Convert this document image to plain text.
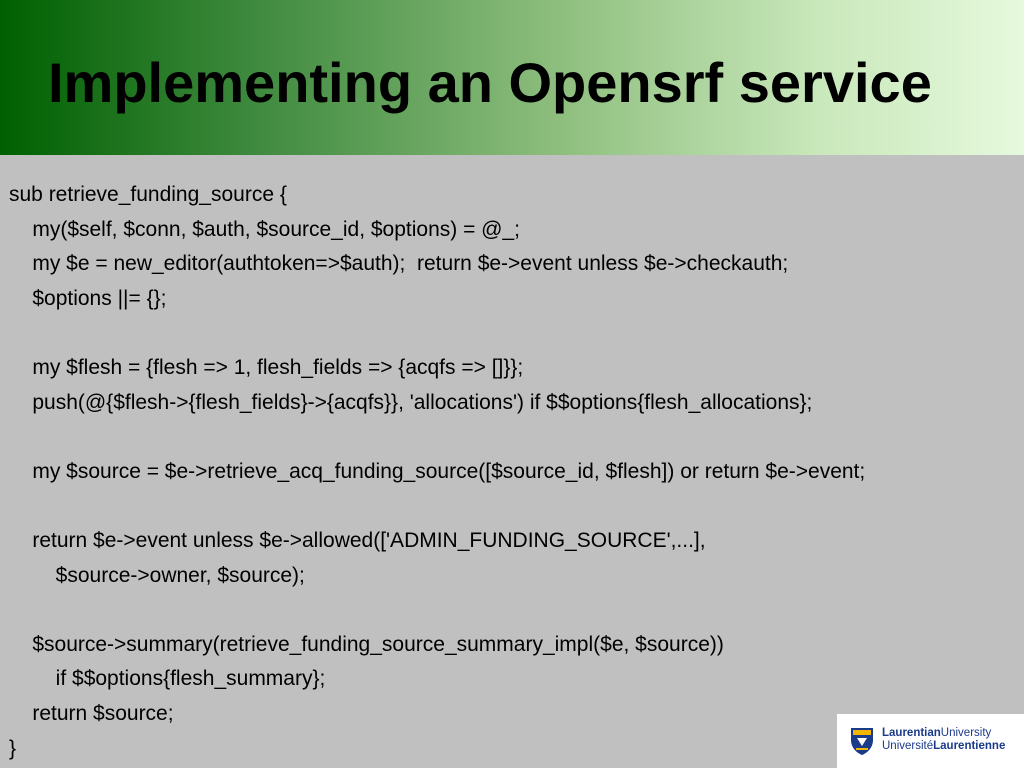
Implementing an Opensrf service
sub retrieve_funding_source {
my($self, $conn, $auth, $source_id, $options) = @_;
my $e = new_editor(authtoken=>$auth);  return $e->event unless $e->checkauth;
$options ||= {};
my $flesh = {flesh => 1, flesh_fields => {acqfs => []}};
push(@{$flesh->{flesh_fields}->{acqfs}}, 'allocations') if $$options{flesh_allocations};
my $source = $e->retrieve_acq_funding_source([$source_id, $flesh]) or return $e->event;
return $e->event unless $e->allowed(['ADMIN_FUNDING_SOURCE',...],
$source->owner, $source);
$source->summary(retrieve_funding_source_summary_impl($e, $source))
if $$options{flesh_summary};
return $source;
}
LaurentianUniversity
UniversitéLaurentienne
